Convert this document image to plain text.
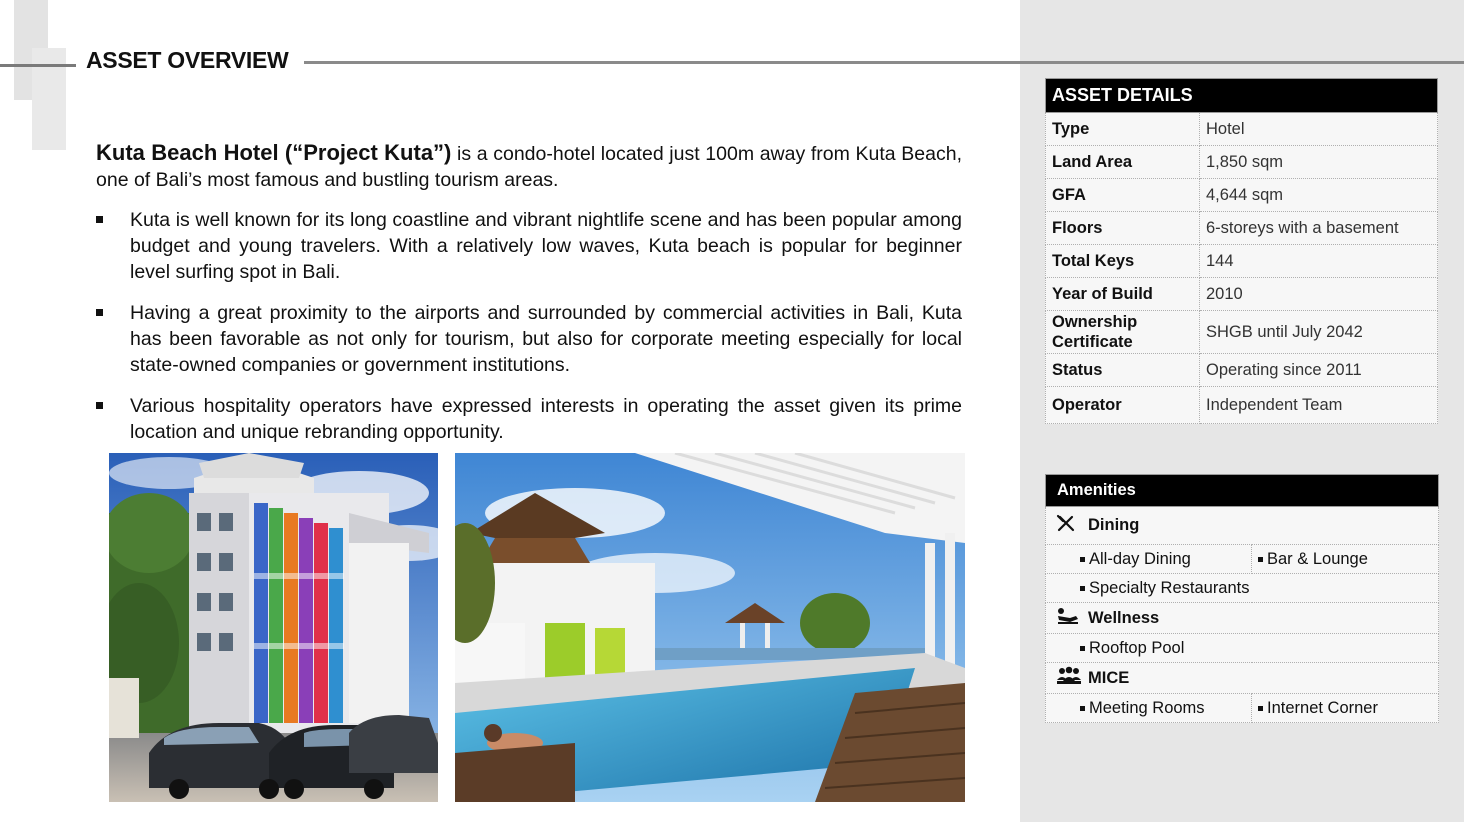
ASSET OVERVIEW

Kuta Beach Hotel (“Project Kuta”) is a condo-hotel located just 100m away from Kuta Beach, one of Bali’s most famous and bustling tourism areas.

Kuta is well known for its long coastline and vibrant nightlife scene and has been popular among budget and young travelers. With a relatively low waves, Kuta beach is popular for beginner level surfing spot in Bali.
Having a great proximity to the airports and surrounded by commercial activities in Bali, Kuta has been favorable as not only for tourism, but also for corporate meeting especially for local state-owned companies or government institutions.
Various hospitality operators have expressed interests in operating the asset given its prime location and unique rebranding opportunity.
ASSET DETAILS	
Type	Hotel
Land Area	1,850 sqm
GFA	4,644 sqm
Floors	6-storeys with a basement
Total Keys	144
Year of Build	2010
Ownership Certificate	SHGB until July 2042
Status	Operating since 2011
Operator	Independent Team
Amenities	
Dining	

All-day Dining	Bar & Lounge

Specialty Restaurants	
Wellness	

Rooftop Pool	
MICE	

Meeting Rooms	Internet Corner
